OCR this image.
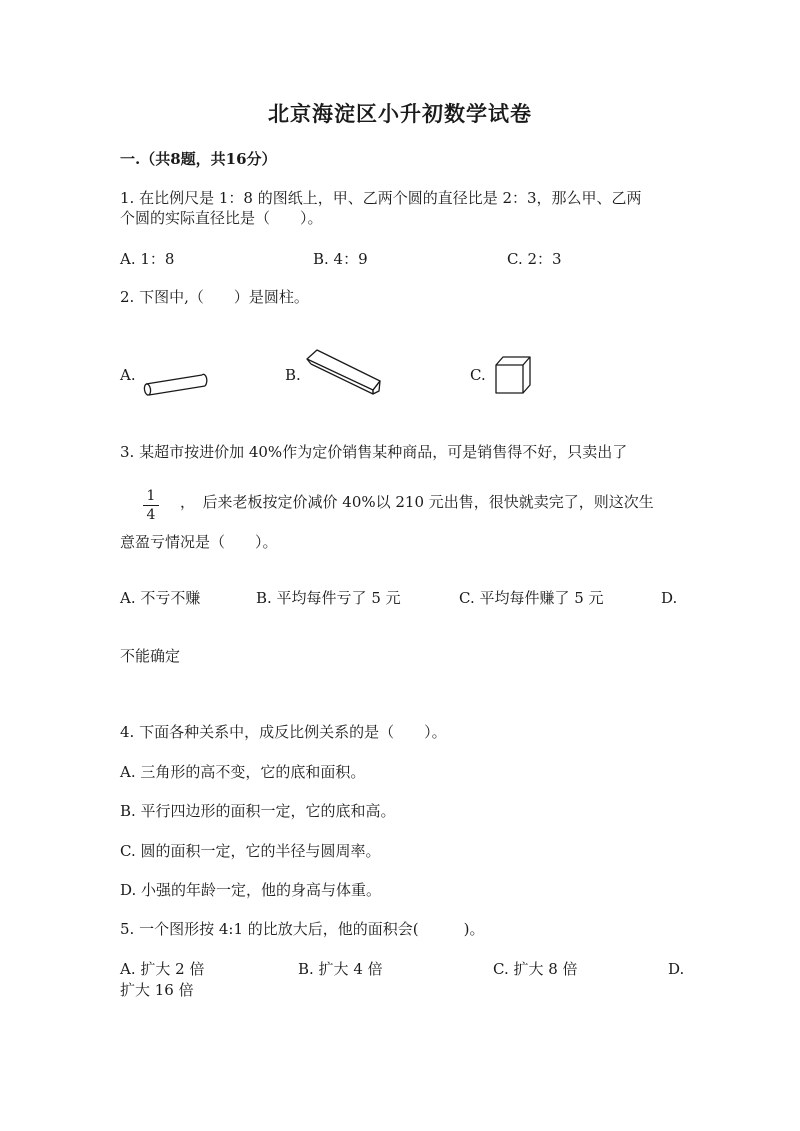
北京海淀区小升初数学试卷
一.（共8题，共16分）
1. 在比例尺是 1：8 的图纸上，甲、乙两个圆的直径比是 2：3，那么甲、乙两
个圆的实际直径比是（　　）。
A. 1：8	B. 4：9	C. 2：3
2. 下图中,（　　）是圆柱。
A.	B.	C.
3. 某超市按进价加 40%作为定价销售某种商品，可是销售得不好，只卖出了
1
4
，　后来老板按定价减价 40%以 210 元出售，很快就卖完了，则这次生
意盈亏情况是（　　）。
A. 不亏不赚	B. 平均每件亏了 5 元	C. 平均每件赚了 5 元	D.
不能确定
4. 下面各种关系中，成反比例关系的是（　　）。
A. 三角形的高不变，它的底和面积。
B. 平行四边形的面积一定，它的底和高。
C. 圆的面积一定，它的半径与圆周率。
D. 小强的年龄一定，他的身高与体重。
5. 一个图形按 4:1 的比放大后，他的面积会(　　　)。
A. 扩大 2 倍	B. 扩大 4 倍	C. 扩大 8 倍	D.
扩大 16 倍
